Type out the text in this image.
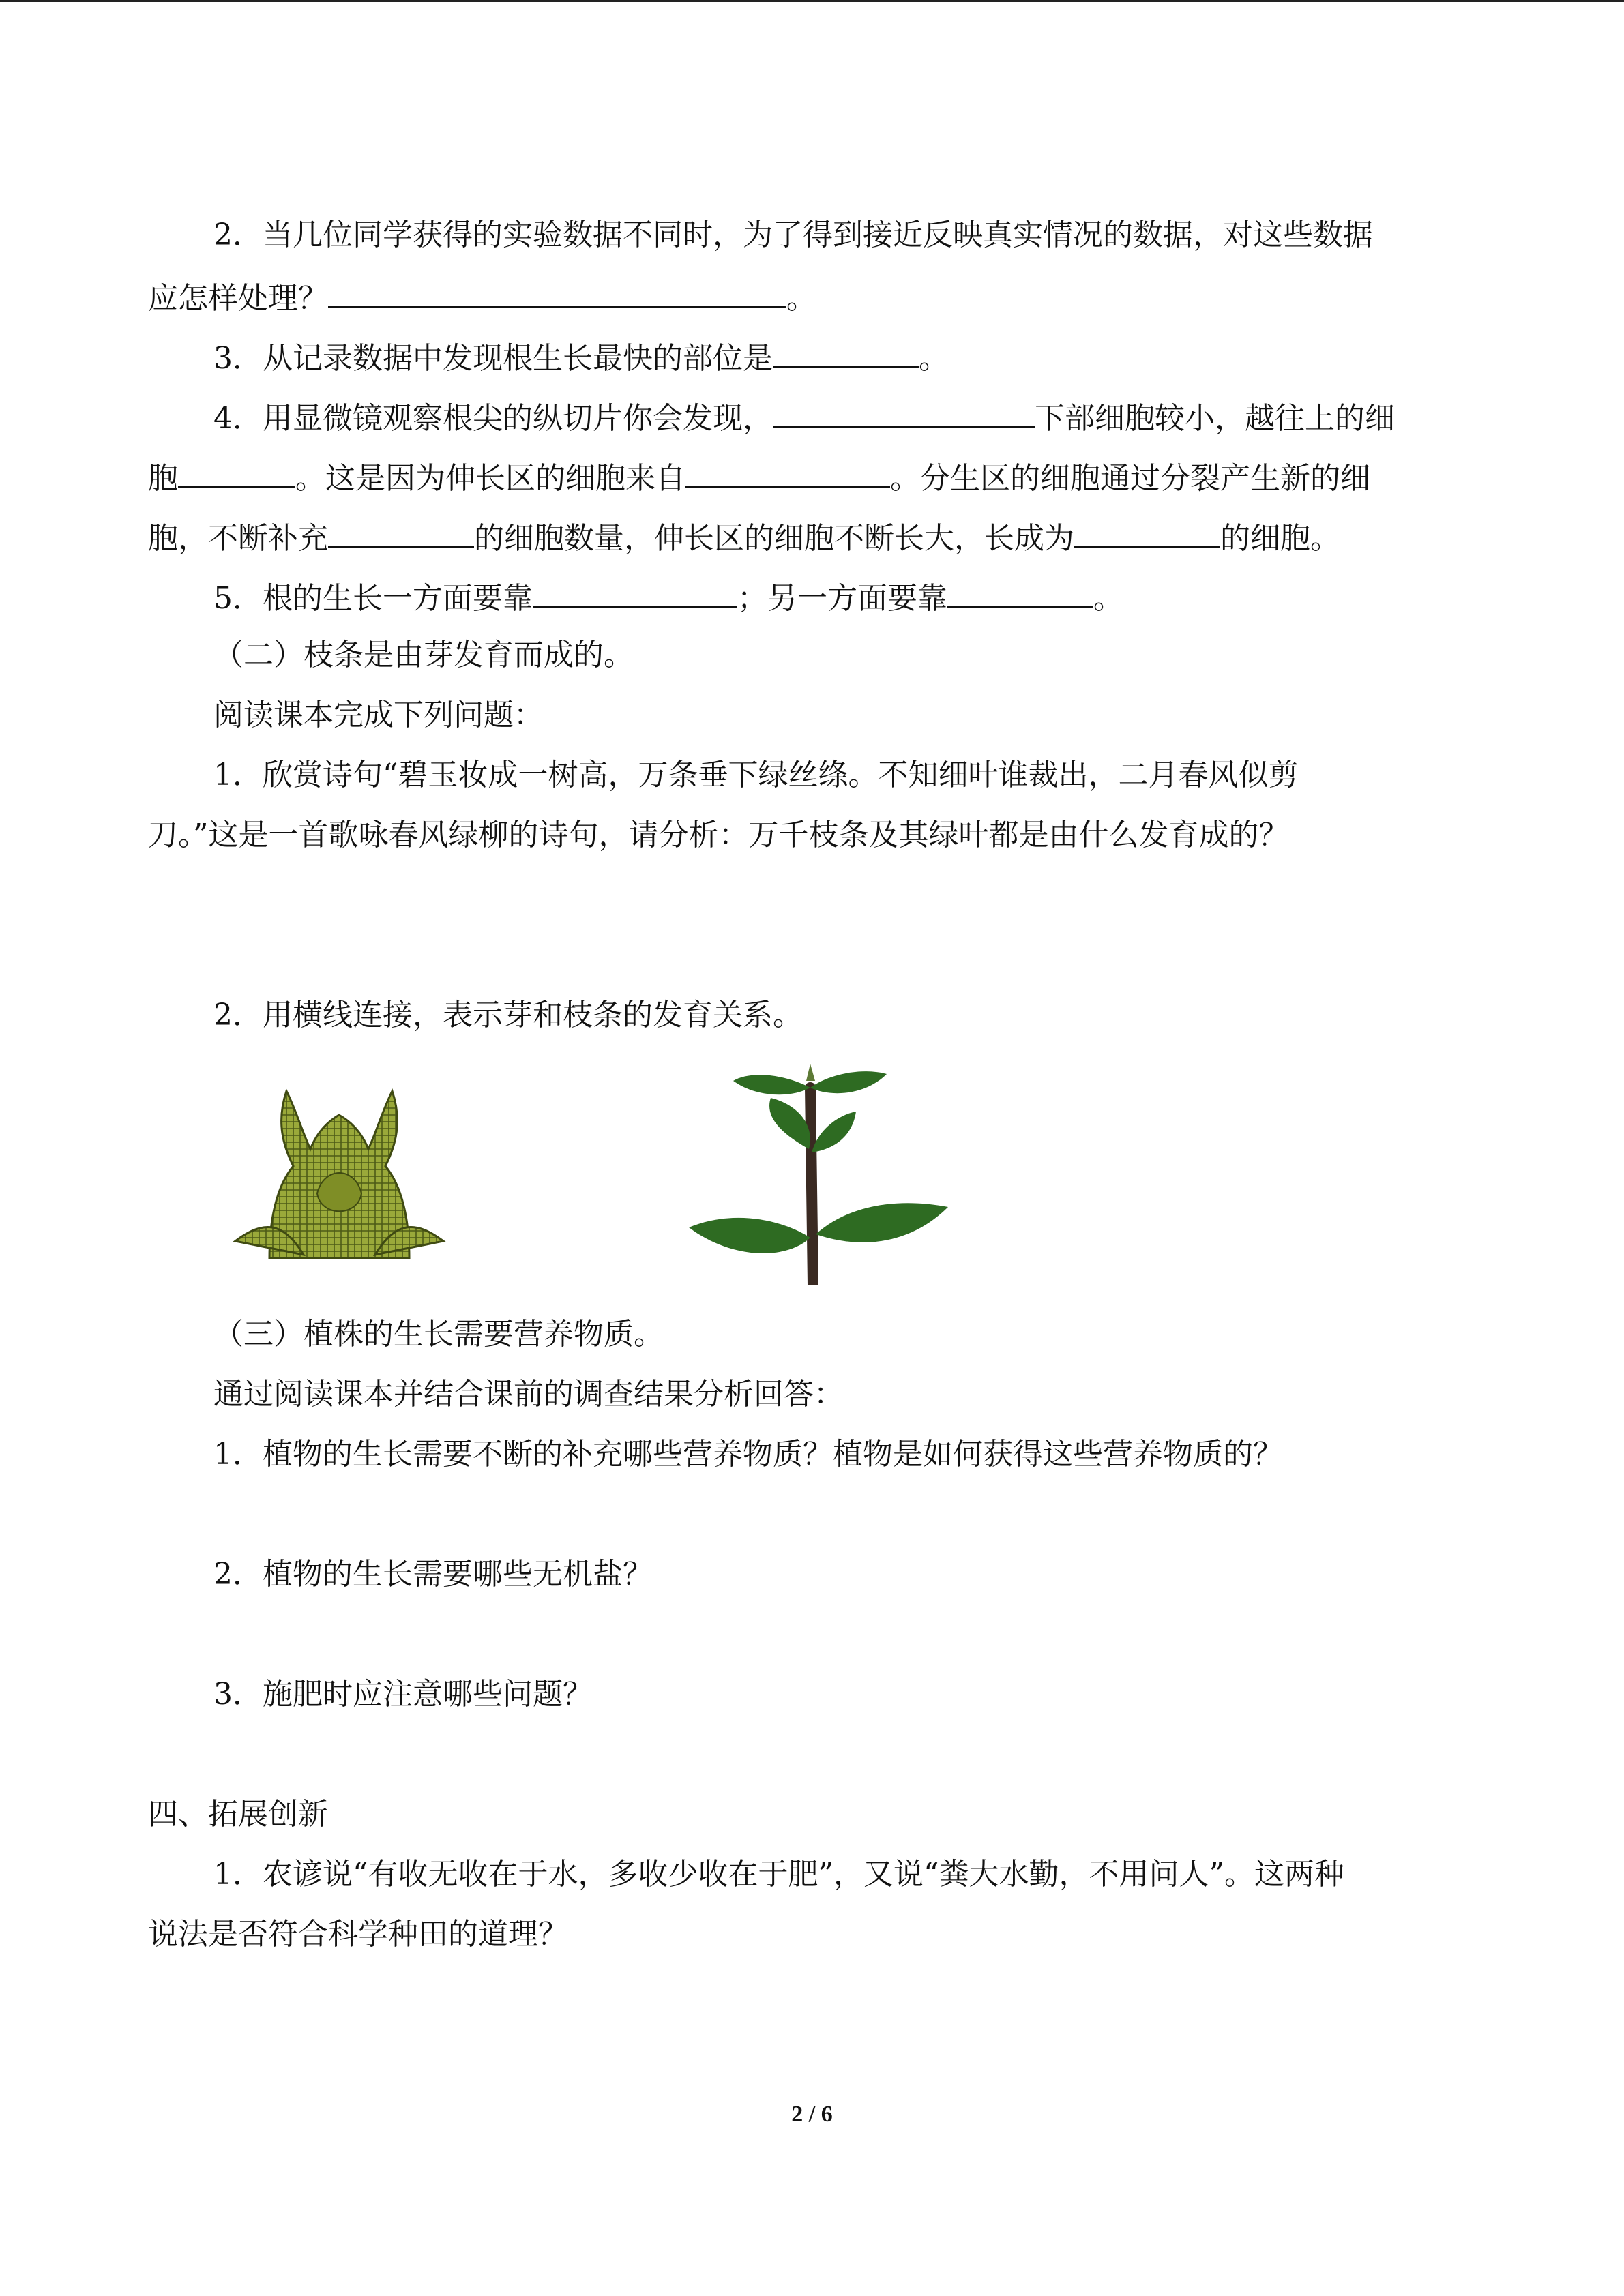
2．当几位同学获得的实验数据不同时，为了得到接近反映真实情况的数据，对这些数据
应怎样处理？	。
3．从记录数据中发现根生长最快的部位是	。
4．用显微镜观察根尖的纵切片你会发现，	下部细胞较小，越往上的细
胞	。这是因为伸长区的细胞来自	。分生区的细胞通过分裂产生新的细
胞，不断补充	的细胞数量，伸长区的细胞不断长大，长成为	的细胞。
5．根的生长一方面要靠	；另一方面要靠	。
（二）枝条是由芽发育而成的。
阅读课本完成下列问题：
1．欣赏诗句“碧玉妆成一树高，万条垂下绿丝绦。不知细叶谁裁出，二月春风似剪
刀。”这是一首歌咏春风绿柳的诗句，请分析：万千枝条及其绿叶都是由什么发育成的？
2．用横线连接，表示芽和枝条的发育关系。
（三）植株的生长需要营养物质。
通过阅读课本并结合课前的调查结果分析回答：
1．植物的生长需要不断的补充哪些营养物质？植物是如何获得这些营养物质的？
2．植物的生长需要哪些无机盐？
3．施肥时应注意哪些问题？
四、拓展创新
1．农谚说“有收无收在于水，多收少收在于肥”，又说“粪大水勤，不用问人”。这两种
说法是否符合科学种田的道理？
2 / 6
